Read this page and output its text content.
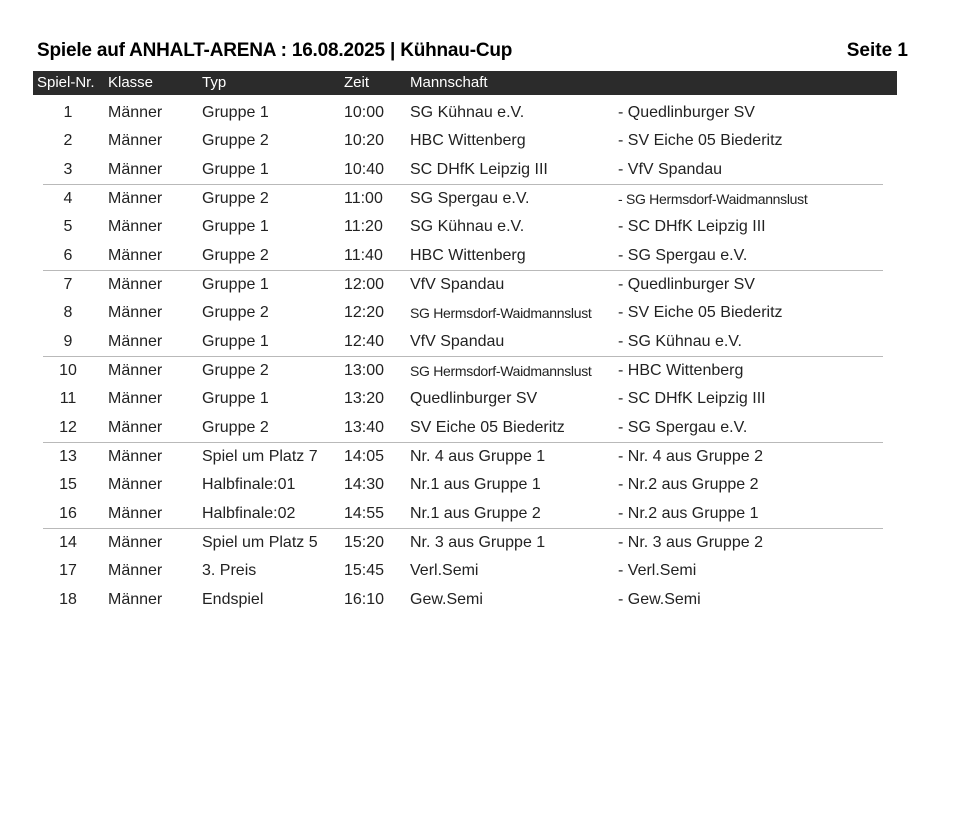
Spiele auf ANHALT-ARENA : 16.08.2025 | Kühnau-Cup	Seite 1
Spiel-Nr. Klasse	Typ	Zeit	Mannschaft
1	Männer Gruppe 1	10:00 SG Kühnau e.V.	- Quedlinburger SV
2	Männer Gruppe 2	10:20 HBC Wittenberg	- SV Eiche 05 Biederitz
3	Männer Gruppe 1	10:40 SC DHfK Leipzig III	- VfV Spandau
4	Männer Gruppe 2	11:00 SG Spergau e.V.	- SG Hermsdorf-Waidmannslust
5	Männer Gruppe 1	11:20 SG Kühnau e.V.	- SC DHfK Leipzig III
6	Männer Gruppe 2	11:40 HBC Wittenberg	- SG Spergau e.V.
7	Männer Gruppe 1	12:00 VfV Spandau	- Quedlinburger SV
8	Männer Gruppe 2	12:20 SG Hermsdorf-Waidmannslust - SV Eiche 05 Biederitz
9	Männer Gruppe 1	12:40 VfV Spandau	- SG Kühnau e.V.
10 Männer Gruppe 2	13:00 SG Hermsdorf-Waidmannslust - HBC Wittenberg
11 Männer Gruppe 1	13:20 Quedlinburger SV	- SC DHfK Leipzig III
12 Männer Gruppe 2	13:40 SV Eiche 05 Biederitz	- SG Spergau e.V.
13 Männer Spiel um Platz 7 14:05 Nr. 4 aus Gruppe 1	- Nr. 4 aus Gruppe 2
15 Männer Halbfinale:01	14:30 Nr.1 aus Gruppe 1	- Nr.2 aus Gruppe 2
16 Männer Halbfinale:02	14:55 Nr.1 aus Gruppe 2	- Nr.2 aus Gruppe 1
14 Männer Spiel um Platz 5 15:20 Nr. 3 aus Gruppe 1	- Nr. 3 aus Gruppe 2
17 Männer 3. Preis	15:45 Verl.Semi	- Verl.Semi
18 Männer Endspiel	16:10 Gew.Semi	- Gew.Semi
